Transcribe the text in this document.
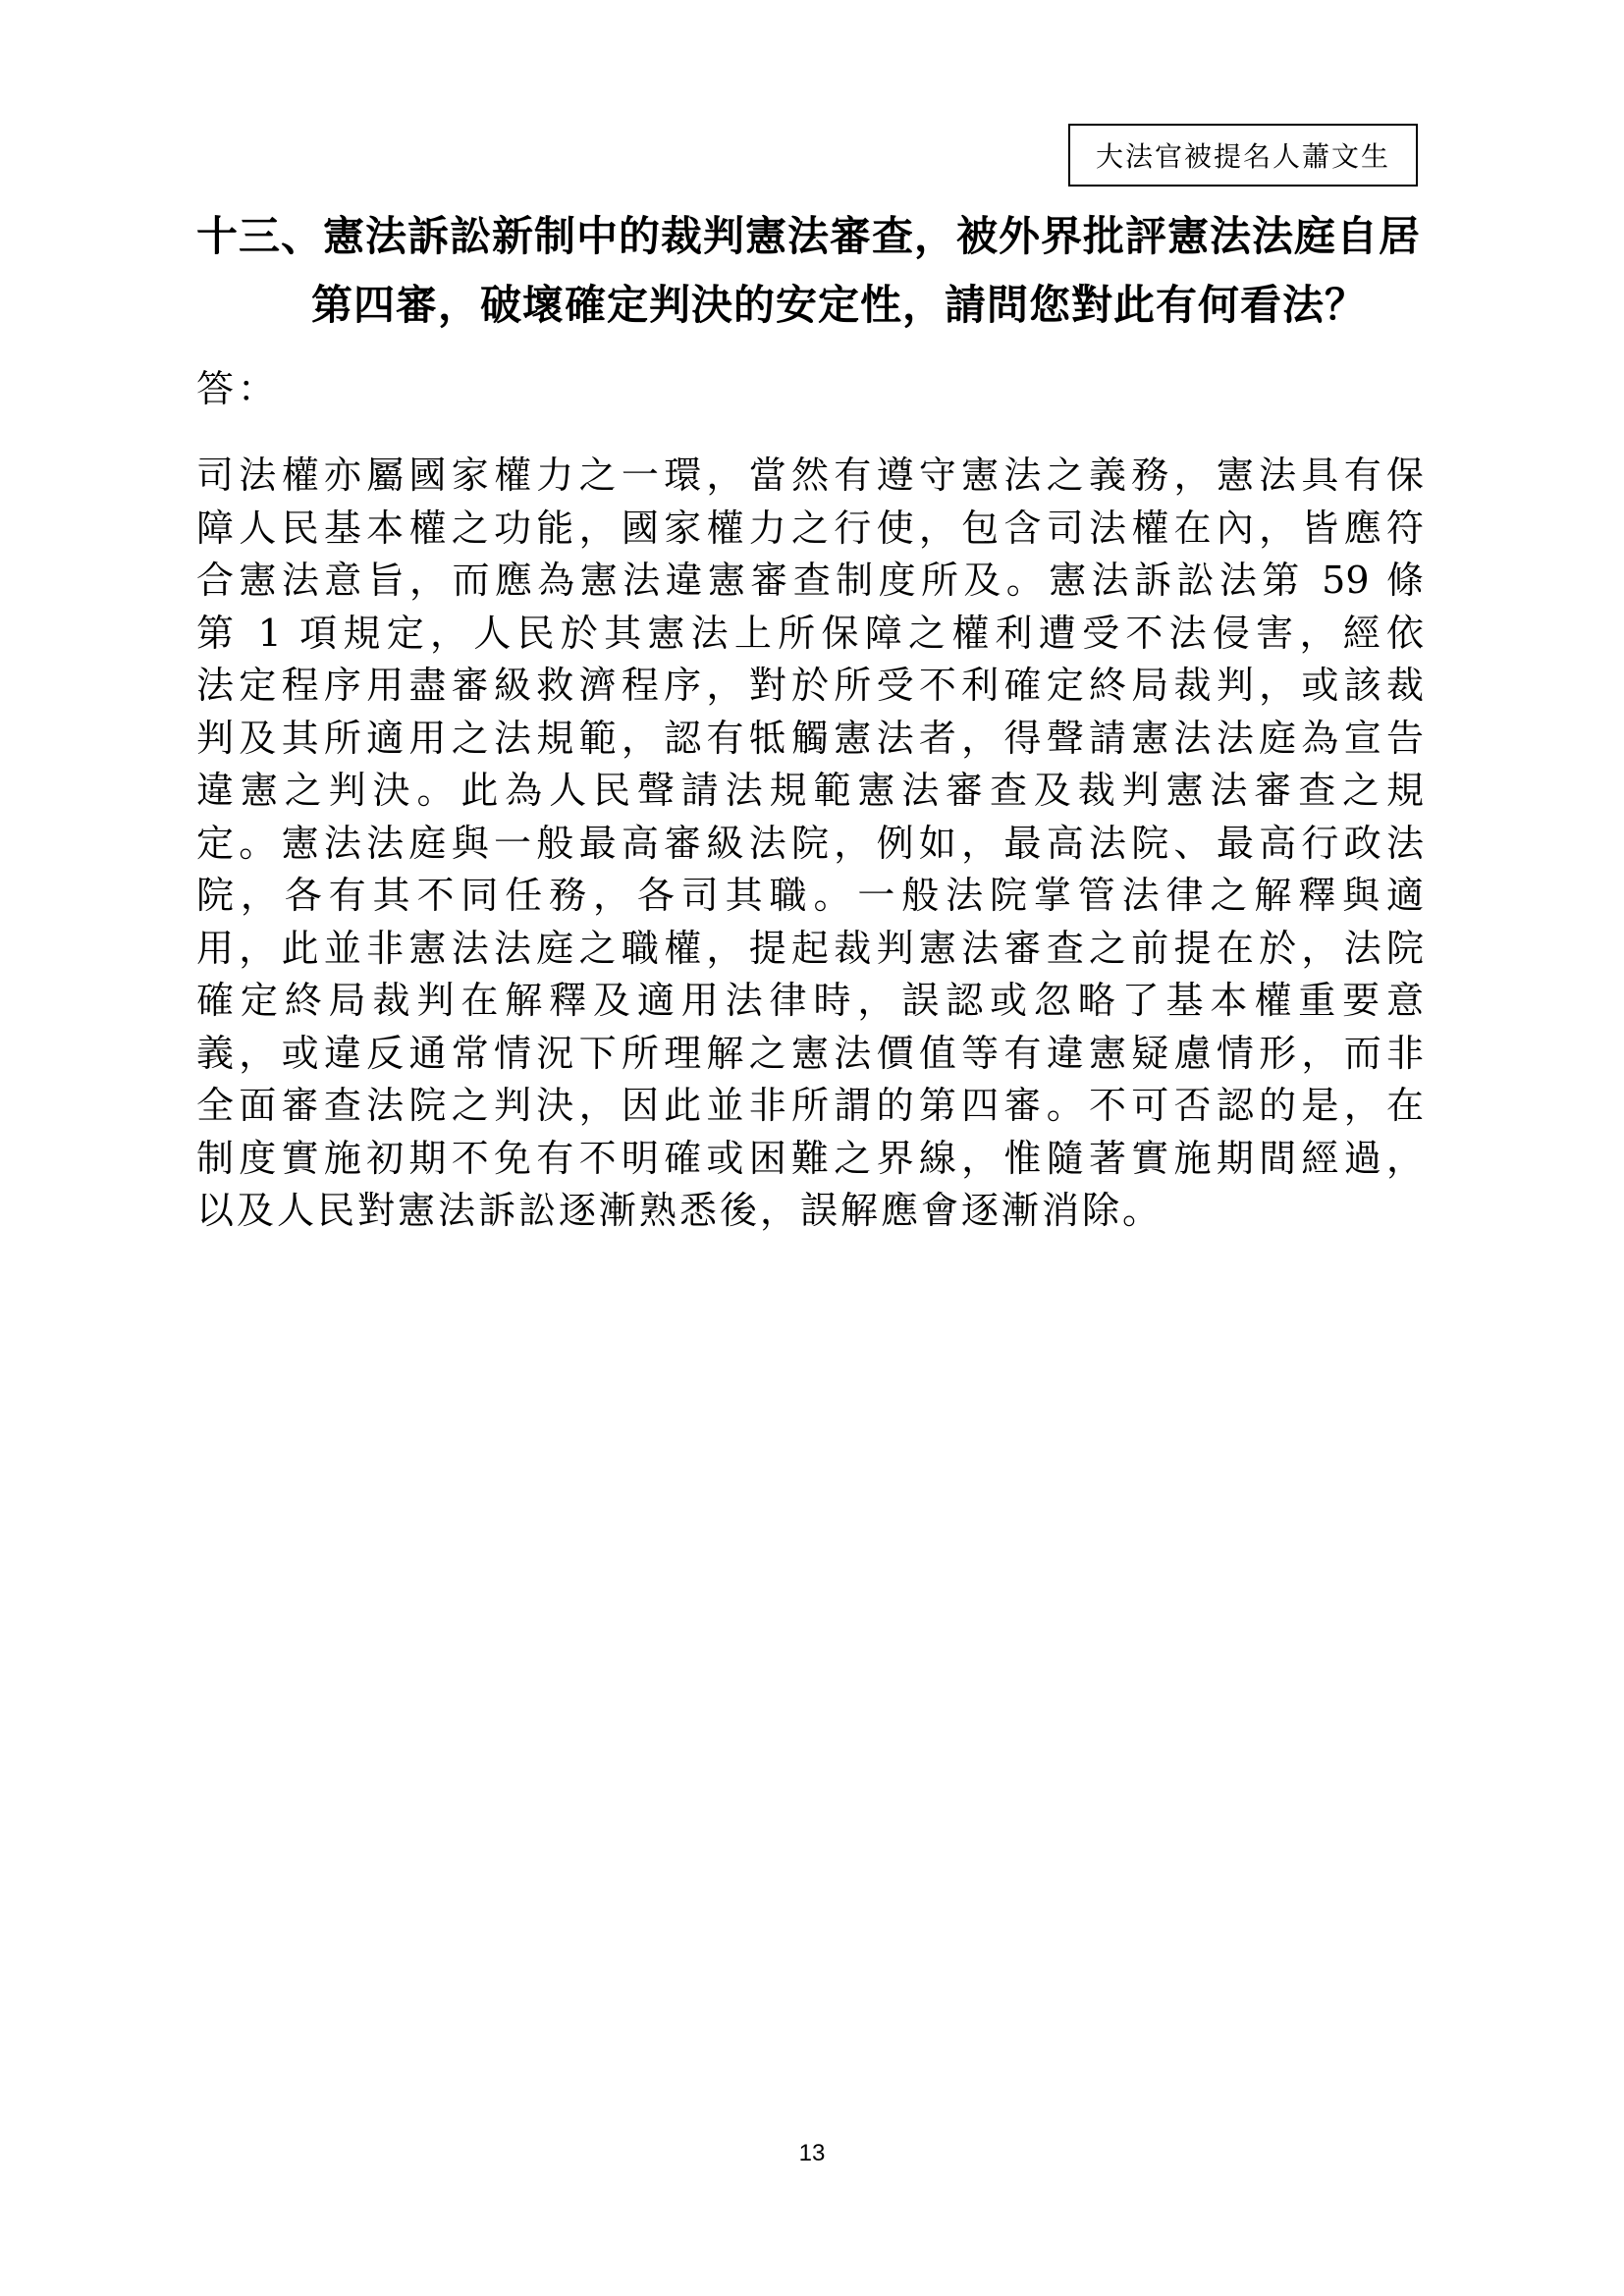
大法官被提名人蕭文生
十三、憲法訴訟新制中的裁判憲法審查，被外界批評憲法法庭自居
第四審，破壞確定判決的安定性，請問您對此有何看法？
答：
司法權亦屬國家權力之一環，當然有遵守憲法之義務，憲法具有保
障人民基本權之功能，國家權力之行使，包含司法權在內，皆應符
合憲法意旨，而應為憲法違憲審查制度所及。憲法訴訟法第 59 條
第 1 項規定，人民於其憲法上所保障之權利遭受不法侵害，經依
法定程序用盡審級救濟程序，對於所受不利確定終局裁判，或該裁
判及其所適用之法規範，認有牴觸憲法者，得聲請憲法法庭為宣告
違憲之判決。此為人民聲請法規範憲法審查及裁判憲法審查之規
定。憲法法庭與一般最高審級法院，例如，最高法院、最高行政法
院，各有其不同任務，各司其職。一般法院掌管法律之解釋與適
用，此並非憲法法庭之職權，提起裁判憲法審查之前提在於，法院
確定終局裁判在解釋及適用法律時，誤認或忽略了基本權重要意
義，或違反通常情況下所理解之憲法價值等有違憲疑慮情形，而非
全面審查法院之判決，因此並非所謂的第四審。不可否認的是，在
制度實施初期不免有不明確或困難之界線，惟隨著實施期間經過，
以及人民對憲法訴訟逐漸熟悉後，誤解應會逐漸消除。
13
